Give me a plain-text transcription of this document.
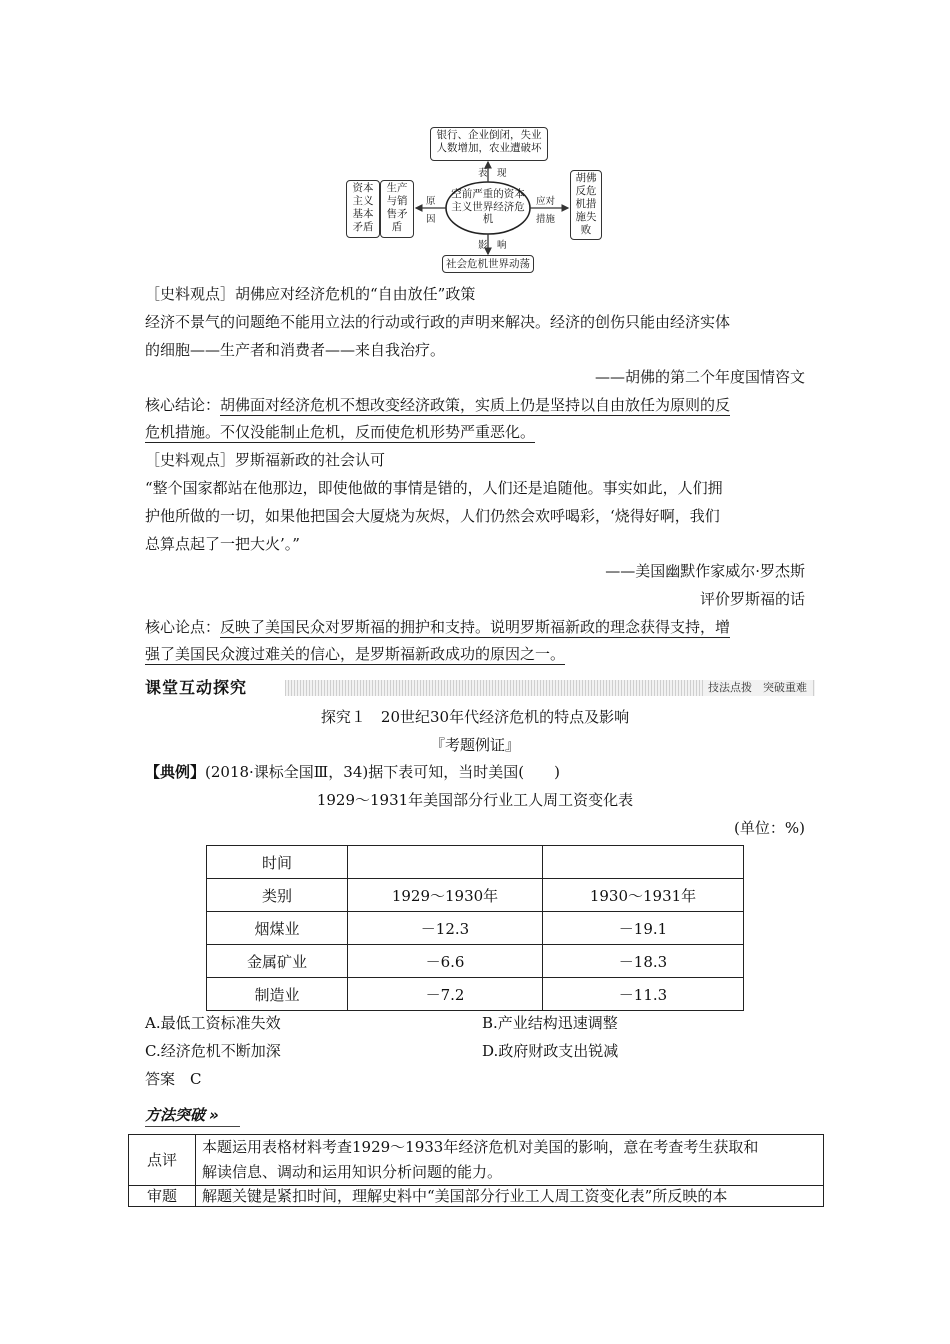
空前严重的资本主义世界经济危机
银行、企业倒闭，失业
人数增加，农业遭破坏
表　现
资本
主义
基本
矛盾
生产
与销
售矛
盾
原
因
应对
措施
胡佛
反危
机措
施失
败
影　响
社会危机世界动荡
［史料观点］胡佛应对经济危机的“自由放任”政策
经济不景气的问题绝不能用立法的行动或行政的声明来解决。经济的创伤只能由经济实体
的细胞——生产者和消费者——来自我治疗。
——胡佛的第二个年度国情咨文
核心结论：胡佛面对经济危机不想改变经济政策，实质上仍是坚持以自由放任为原则的反
危机措施。不仅没能制止危机，反而使危机形势严重恶化。
［史料观点］罗斯福新政的社会认可
“整个国家都站在他那边，即使他做的事情是错的，人们还是追随他。事实如此，人们拥
护他所做的一切，如果他把国会大厦烧为灰烬，人们仍然会欢呼喝彩，‘烧得好啊，我们
总算点起了一把大火’。”
——美国幽默作家威尔·罗杰斯
评价罗斯福的话
核心论点：反映了美国民众对罗斯福的拥护和支持。说明罗斯福新政的理念获得支持，增
强了美国民众渡过难关的信心，是罗斯福新政成功的原因之一。
课堂互动探究	技法点拨　突破重难
探究１　20世纪30年代经济危机的特点及影响
『考题例证』
【典例】(2018·课标全国Ⅲ，34)据下表可知，当时美国(　　)
1929～1931年美国部分行业工人周工资变化表
(单位：%)
时间		
类别	1929～1930年	1930～1931年
烟煤业	－12.3	－19.1
金属矿业	－6.6	－18.3
制造业	－7.2	－11.3
A.最低工资标准失效	B.产业结构迅速调整
C.经济危机不断加深	D.政府财政支出锐减
答案　C
方法突破 »
点评	本题运用表格材料考查1929～1933年经济危机对美国的影响，意在考查考生获取和
解读信息、调动和运用知识分析问题的能力。

审题	解题关键是紧扣时间，理解史料中“美国部分行业工人周工资变化表”所反映的本
